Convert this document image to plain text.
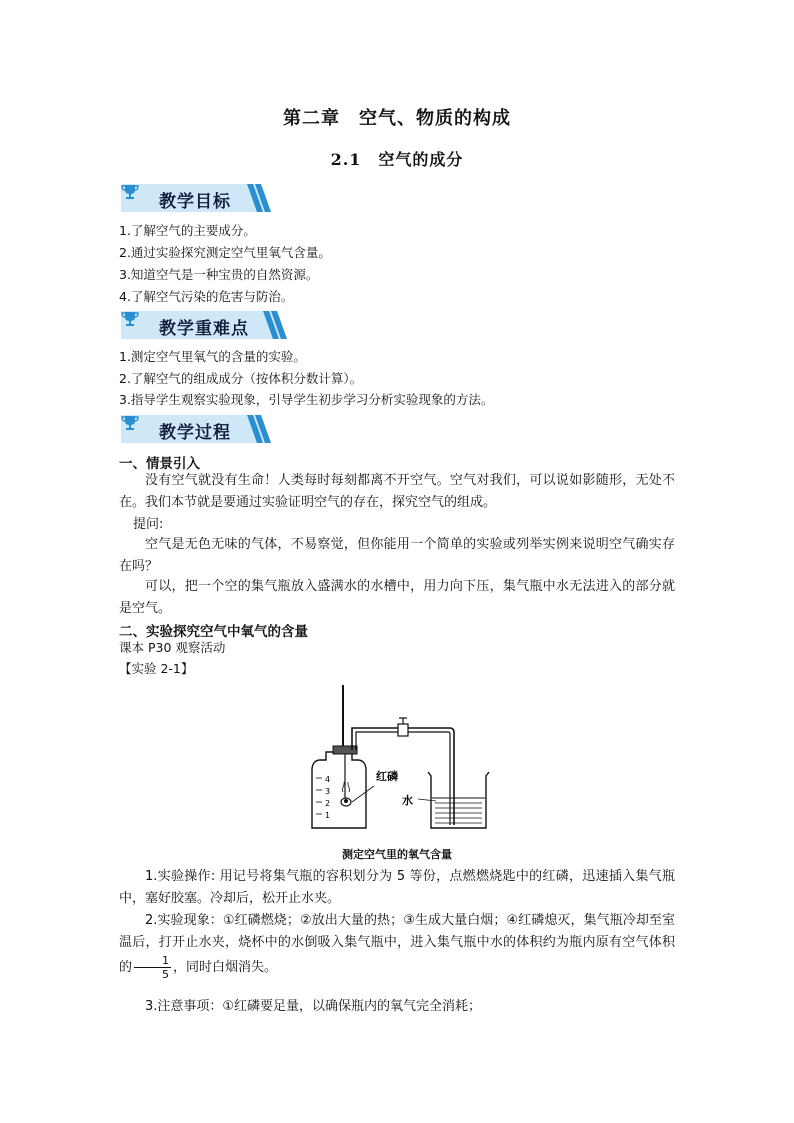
第二章　空气、物质的构成
2.1　空气的成分
教学目标
1.了解空气的主要成分。
2.通过实验探究测定空气里氧气含量。
3.知道空气是一种宝贵的自然资源。
4.了解空气污染的危害与防治。
教学重难点
1.测定空气里氧气的含量的实验。
2.了解空气的组成成分（按体积分数计算）。
3.指导学生观察实验现象，引导学生初步学习分析实验现象的方法。
教学过程
一、情景引入
没有空气就没有生命！人类每时每刻都离不开空气。空气对我们，可以说如影随形，无处不在。我们本节就是要通过实验证明空气的存在，探究空气的组成。
提问:
空气是无色无味的气体，不易察觉，但你能用一个简单的实验或列举实例来说明空气确实存在吗？
可以，把一个空的集气瓶放入盛满水的水槽中，用力向下压，集气瓶中水无法进入的部分就是空气。
二、实验探究空气中氧气的含量
课本 P30 观察活动
【实验 2-1】
4
3
2
1
红磷
水
测定空气里的氧气含量
1.实验操作: 用记号将集气瓶的容积划分为 5 等份，点燃燃烧匙中的红磷，迅速插入集气瓶中，塞好胶塞。冷却后，松开止水夹。
2.实验现象：①红磷燃烧；②放出大量的热；③生成大量白烟；④红磷熄灭，集气瓶冷却至室温后，打开止水夹，烧杯中的水倒吸入集气瓶中，进入集气瓶中水的体积约为瓶内原有空气体积的 $\frac{1}{5}$ ，同时白烟消失。
3.注意事项：①红磷要足量，以确保瓶内的氧气完全消耗；
